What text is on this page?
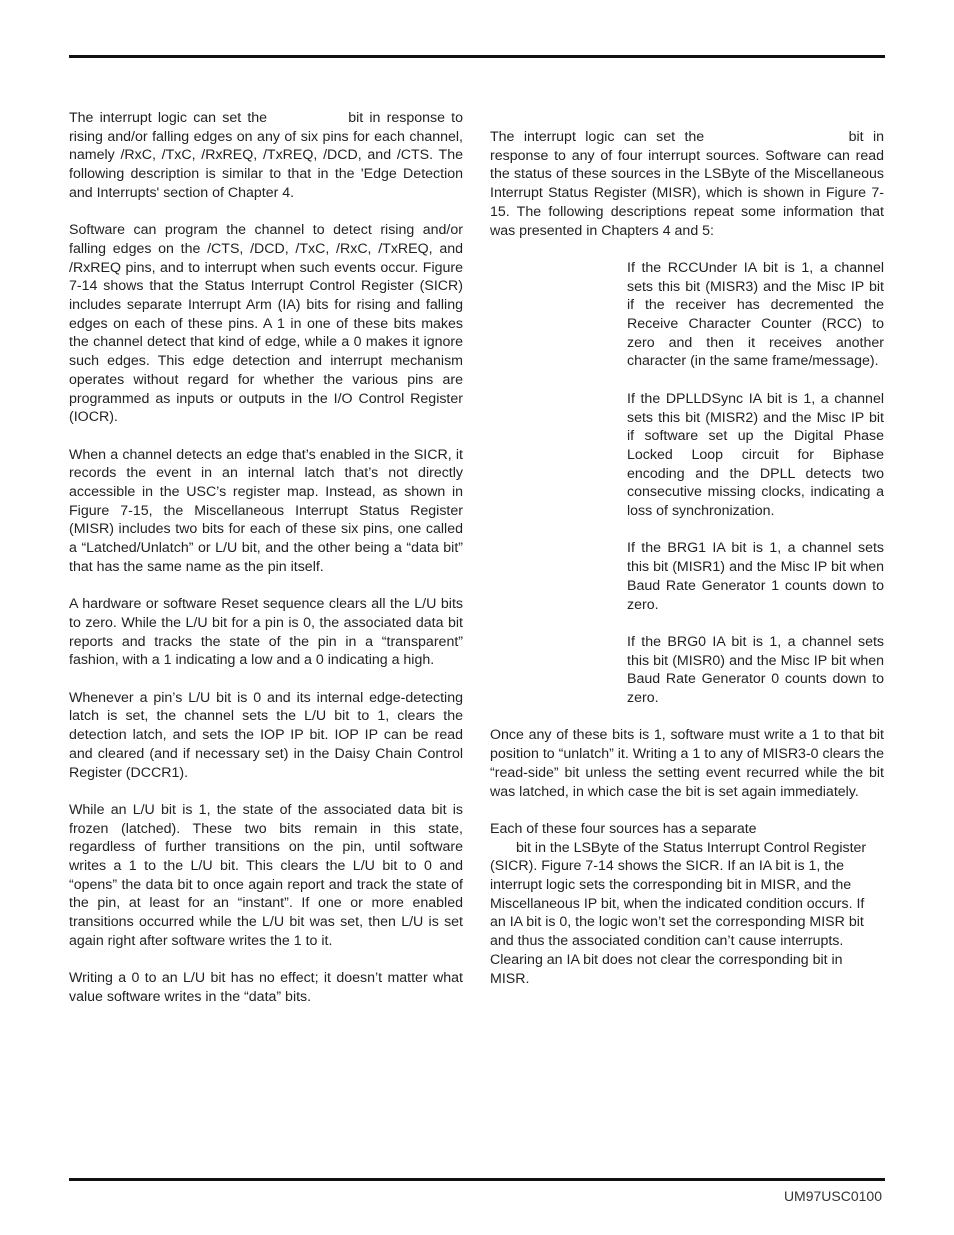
The interrupt logic can set the	bit in response to rising and/or falling edges on any of six pins for each channel, namely /RxC, /TxC, /RxREQ, /TxREQ, /DCD, and /CTS. The following description is similar to that in the 'Edge Detection and Interrupts' section of Chapter 4.

Software can program the channel to detect rising and/or falling edges on the /CTS, /DCD, /TxC, /RxC, /TxREQ, and /RxREQ pins, and to interrupt when such events occur. Figure 7-14 shows that the Status Interrupt Control Register (SICR) includes separate Interrupt Arm (IA) bits for rising and falling edges on each of these pins. A 1 in one of these bits makes the channel detect that kind of edge, while a 0 makes it ignore such edges. This edge detection and interrupt mechanism operates without regard for whether the various pins are programmed as inputs or outputs in the I/O Control Register (IOCR).

When a channel detects an edge that’s enabled in the SICR, it records the event in an internal latch that’s not directly accessible in the USC’s register map. Instead, as shown in Figure 7-15, the Miscellaneous Interrupt Status Register (MISR) includes two bits for each of these six pins, one called a “Latched/Unlatch” or L/U bit, and the other being a “data bit” that has the same name as the pin itself.

A hardware or software Reset sequence clears all the L/U bits to zero. While the L/U bit for a pin is 0, the associated data bit reports and tracks the state of the pin in a “transparent” fashion, with a 1 indicating a low and a 0 indicating a high.

Whenever a pin’s L/U bit is 0 and its internal edge-detecting latch is set, the channel sets the L/U bit to 1, clears the detection latch, and sets the IOP IP bit. IOP IP can be read and cleared (and if necessary set) in the Daisy Chain Control Register (DCCR1).

While an L/U bit is 1, the state of the associated data bit is frozen (latched). These two bits remain in this state, regardless of further transitions on the pin, until software writes a 1 to the L/U bit. This clears the L/U bit to 0 and “opens” the data bit to once again report and track the state of the pin, at least for an “instant”. If one or more enabled transitions occurred while the L/U bit was set, then L/U is set again right after software writes the 1 to it.

Writing a 0 to an L/U bit has no effect; it doesn’t matter what value software writes in the “data” bits.

The interrupt logic can set the	bit in response to any of four interrupt sources. Software can read the status of these sources in the LSByte of the Miscellaneous Interrupt Status Register (MISR), which is shown in Figure 7-15. The following descriptions repeat some information that was presented in Chapters 4 and 5:

If the RCCUnder IA bit is 1, a channel sets this bit (MISR3) and the Misc IP bit if the receiver has decremented the Receive Character Counter (RCC) to zero and then it receives another character (in the same frame/message).

If the DPLLDSync IA bit is 1, a channel sets this bit (MISR2) and the Misc IP bit if software set up the Digital Phase Locked Loop circuit for Biphase encoding and the DPLL detects two consecutive missing clocks, indicating a loss of synchronization.

If the BRG1 IA bit is 1, a channel sets this bit (MISR1) and the Misc IP bit when Baud Rate Generator 1 counts down to zero.

If the BRG0 IA bit is 1, a channel sets this bit (MISR0) and the Misc IP bit when Baud Rate Generator 0 counts down to zero.

Once any of these bits is 1, software must write a 1 to that bit position to “unlatch” it. Writing a 1 to any of MISR3-0 clears the “read-side” bit unless the setting event recurred while the bit was latched, in which case the bit is set again immediately.

Each of these four sources has a separate
bit in the LSByte of the Status Interrupt Control Register (SICR). Figure 7-14 shows the SICR. If an IA bit is 1, the interrupt logic sets the corresponding bit in MISR, and the Miscellaneous IP bit, when the indicated condition occurs. If an IA bit is 0, the logic won’t set the corresponding MISR bit and thus the associated condition can’t cause interrupts. Clearing an IA bit does not clear the corresponding bit in MISR.

UM97USC0100
